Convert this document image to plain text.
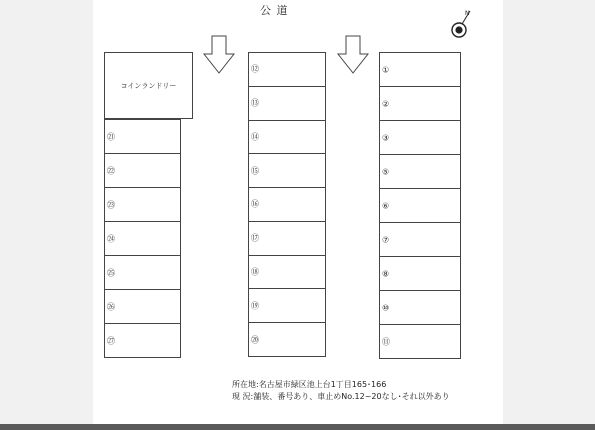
公 道	N
コインランドリー
㉑
㉒
㉓
㉔
㉕
㉖
㉗
⑫
⑬
⑭
⑮
⑯
⑰
⑱
⑲
⑳
①
②
③
⑤
⑥
⑦
⑧
⑩
⑪
所在地:名古屋市緑区池上台1丁目165･166
現 況:舗装、番号あり、車止めNo.12~20なし･それ以外あり
